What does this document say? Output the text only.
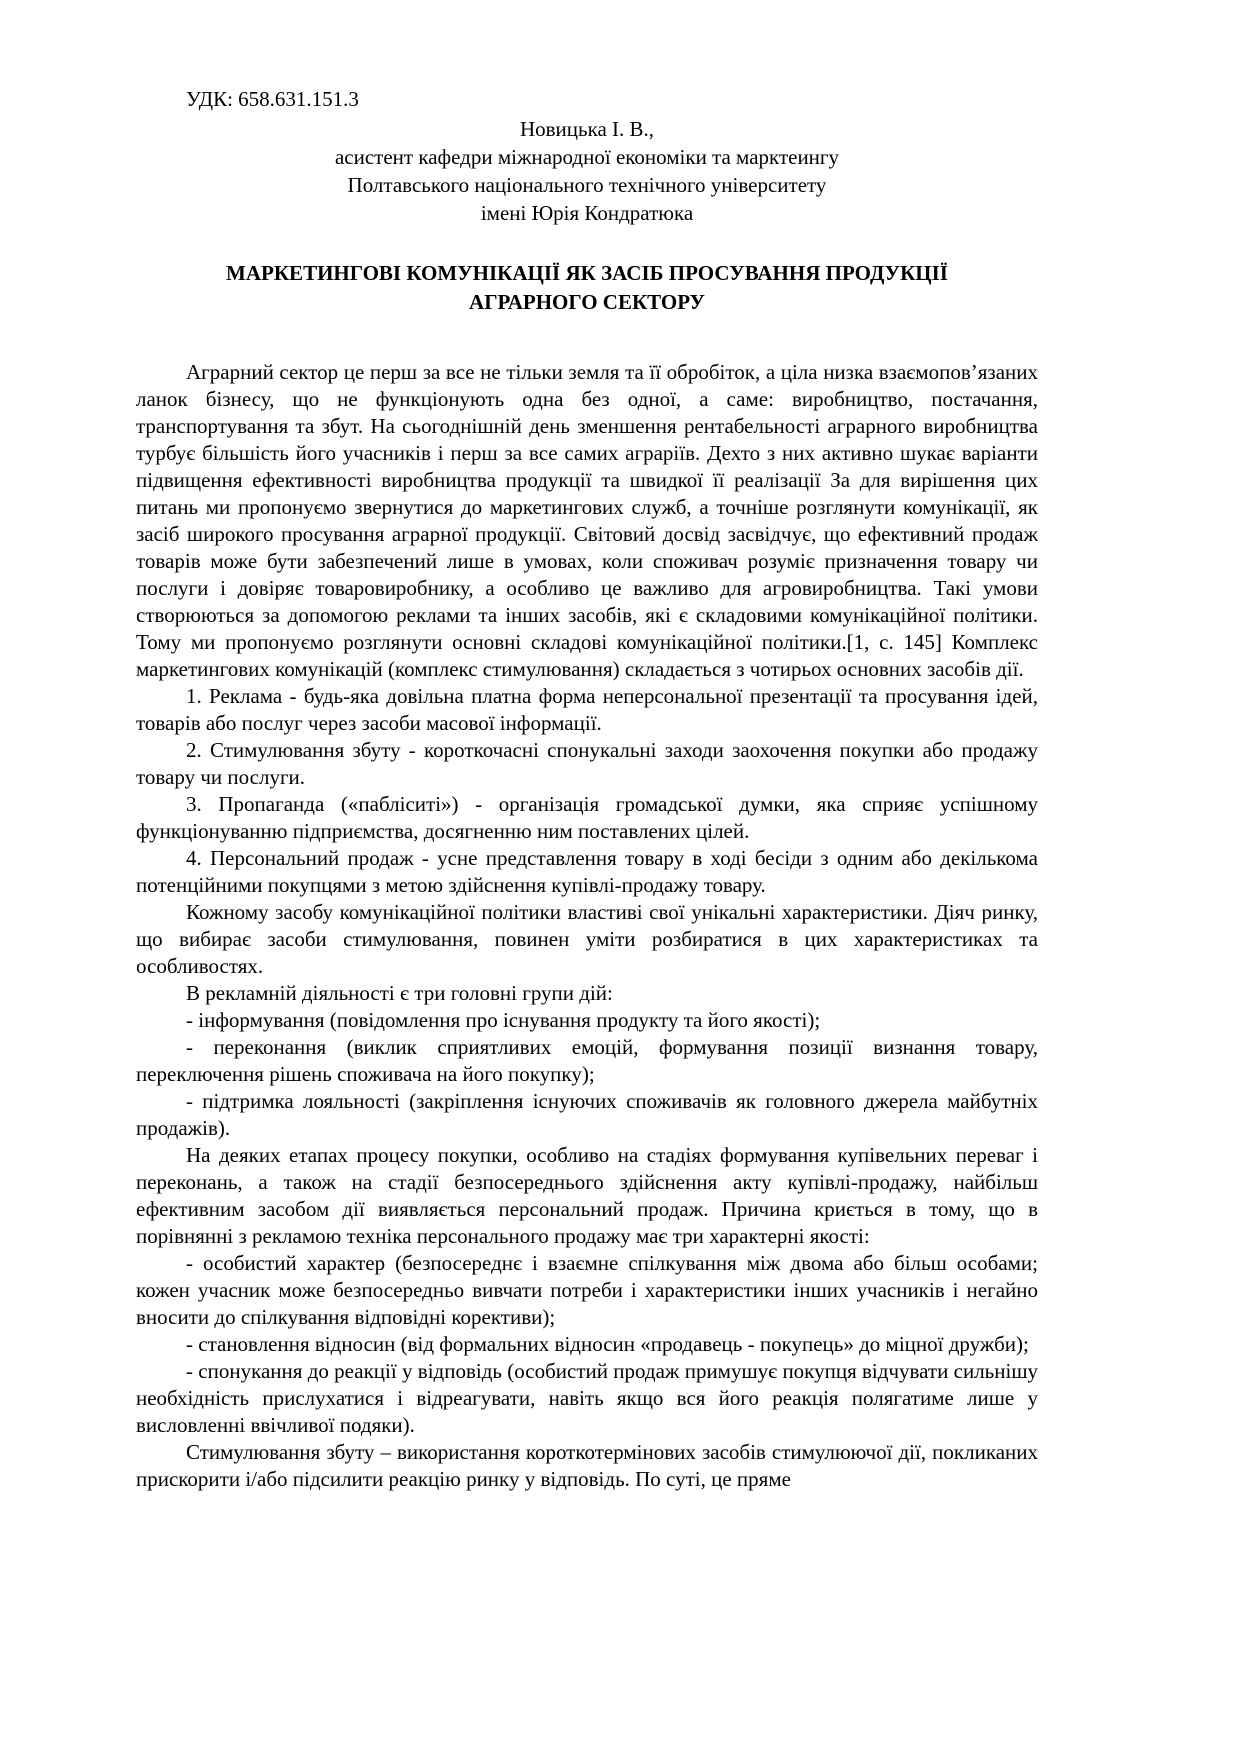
УДК: 658.631.151.3

Новицька І. В.,

асистент кафедри міжнародної економіки та марктеингу

Полтавського національного технічного університету

імені Юрія Кондратюка

МАРКЕТИНГОВІ КОМУНІКАЦІЇ ЯК ЗАСІБ ПРОСУВАННЯ ПРОДУКЦІЇ
АГРАРНОГО СЕКТОРУ

Аграрний сектор це перш за все не тільки земля та її обробіток, а ціла низка взаємопов’язаних ланок бізнесу, що не функціонують одна без одної, а саме: виробництво, постачання, транспортування та збут. На сьогоднішній день зменшення рентабельності аграрного виробництва турбує більшість його учасників і перш за все самих аграріїв. Дехто з них активно шукає варіанти підвищення ефективності виробництва продукції та швидкої її реалізації За для вирішення цих питань ми пропонуємо звернутися до маркетингових служб, а точніше розглянути комунікації, як засіб широкого просування аграрної продукції. Світовий досвід засвідчує, що ефективний продаж товарів може бути забезпечений лише в умовах, коли споживач розуміє призначення товару чи послуги і довіряє товаровиробнику, а особливо це важливо для агровиробництва. Такі умови створюються за допомогою реклами та інших засобів, які є складовими комунікаційної політики. Тому ми пропонуємо розглянути основні складові комунікаційної політики.[1, с. 145] Комплекс маркетингових комунікацій (комплекс стимулювання) складається з чотирьох основних засобів дії.

1. Реклама - будь-яка довільна платна форма неперсональної презентації та просування ідей, товарів або послуг через засоби масової інформації.

2. Стимулювання збуту - короткочасні спонукальні заходи заохочення покупки або продажу товару чи послуги.

3. Пропаганда («пабліситі») - організація громадської думки, яка сприяє успішному функціонуванню підприємства, досягненню ним поставлених цілей.

4. Персональний продаж - усне представлення товару в ході бесіди з одним або декількома потенційними покупцями з метою здійснення купівлі-продажу товару.

Кожному засобу комунікаційної політики властиві свої унікальні характеристики. Діяч ринку, що вибирає засоби стимулювання, повинен уміти розбиратися в цих характеристиках та особливостях.

В рекламній діяльності є три головні групи дій:

- інформування (повідомлення про існування продукту та його якості);

- переконання (виклик сприятливих емоцій, формування позиції визнання товару, переключення рішень споживача на його покупку);

- підтримка лояльності (закріплення існуючих споживачів як головного джерела майбутніх продажів).

На деяких етапах процесу покупки, особливо на стадіях формування купівельних переваг і переконань, а також на стадії безпосереднього здійснення акту купівлі-продажу, найбільш ефективним засобом дії виявляється персональний продаж. Причина криється в тому, що в порівнянні з рекламою техніка персонального продажу має три характерні якості:

- особистий характер (безпосереднє і взаємне спілкування між двома або більш особами; кожен учасник може безпосередньо вивчати потреби і характеристики інших учасників і негайно вносити до спілкування відповідні корективи);

- становлення відносин (від формальних відносин «продавець - покупець» до міцної дружби);

- спонукання до реакції у відповідь (особистий продаж примушує покупця відчувати сильнішу необхідність прислухатися і відреагувати, навіть якщо вся його реакція полягатиме лише у висловленні ввічливої подяки).

Стимулювання збуту – використання короткотермінових засобів стимулюючої дії, покликаних прискорити і/або підсилити реакцію ринку у відповідь. По суті, це пряме
